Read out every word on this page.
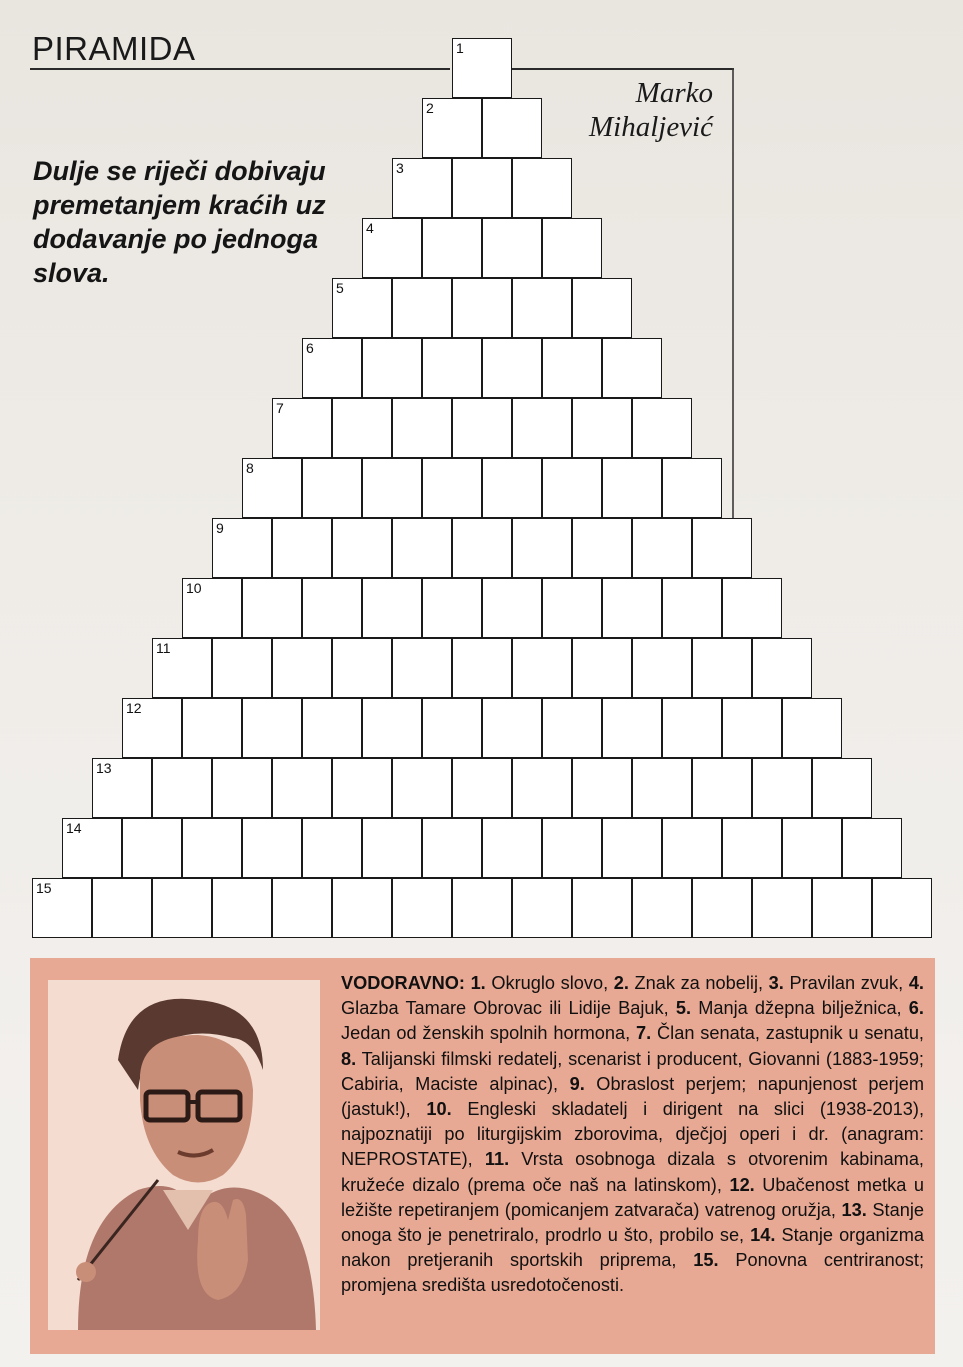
PIRAMIDA
Marko
Mihaljević
Dulje se riječi dobivaju premetanjem kraćih uz dodavanje po jednoga slova.
1
2
3
4
5
6
7
8
9
10
11
12
13
14
15
VODORAVNO: 1. Okruglo slovo, 2. Znak za nobelij, 3. Pravilan zvuk, 4. Glazba Tamare Obrovac ili Lidije Bajuk, 5. Manja džepna bilježnica, 6. Jedan od ženskih spolnih hormona, 7. Član senata, zastupnik u senatu, 8. Talijanski filmski redatelj, scenarist i producent, Giovanni (1883-1959; Cabiria, Maciste alpinac), 9. Obraslost perjem; napunjenost perjem (jastuk!), 10. Engleski skladatelj i dirigent na slici (1938-2013), najpoznatiji po liturgijskim zborovima, dječjoj operi i dr. (anagram: NEPROSTATE), 11. Vrsta osobnoga dizala s otvorenim kabinama, kružeće dizalo (prema oče naš na latinskom), 12. Ubačenost metka u ležište repetiranjem (pomicanjem zatvarača) vatrenog oružja, 13. Stanje onoga što je penetriralo, prodrlo u što, probilo se, 14. Stanje organizma nakon pretjeranih sportskih priprema, 15. Ponovna centriranost; promjena središta usredotočenosti.
